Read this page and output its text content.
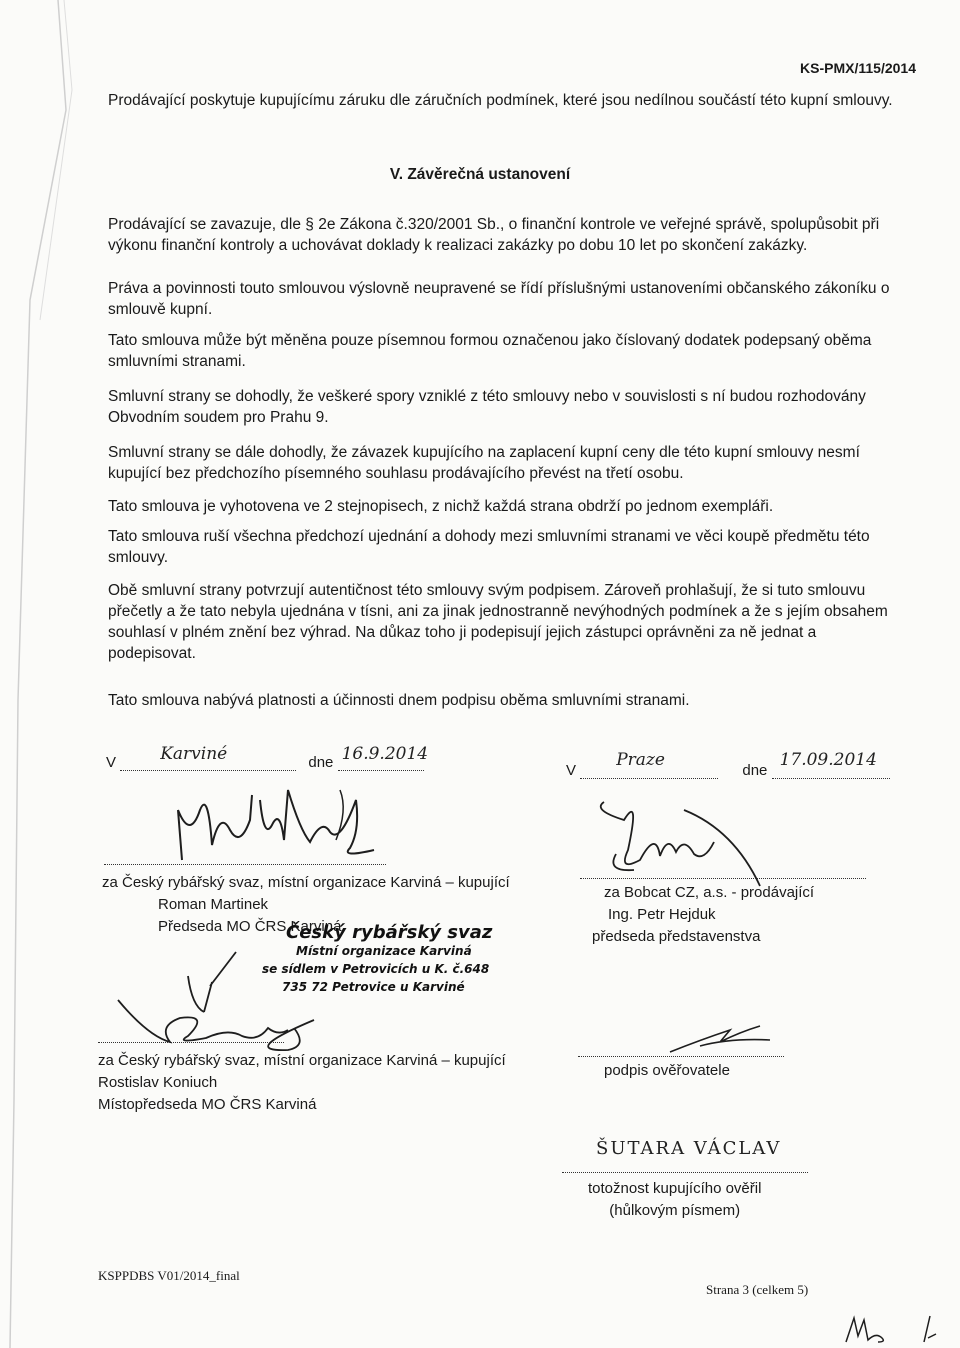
KS-PMX/115/2014
Prodávající poskytuje kupujícímu záruku dle záručních podmínek, které jsou nedílnou součástí této kupní smlouvy.
V. Závěrečná ustanovení
Prodávající se zavazuje, dle § 2e Zákona č.320/2001 Sb., o finanční kontrole ve veřejné správě, spolupůsobit při výkonu finanční kontroly a uchovávat doklady k realizaci zakázky po dobu 10 let po skončení zakázky.
Práva a povinnosti touto smlouvou výslovně neupravené se řídí příslušnými ustanoveními občanského zákoníku o smlouvě kupní.
Tato smlouva může být měněna pouze písemnou formou označenou jako číslovaný dodatek podepsaný oběma smluvními stranami.
Smluvní strany se dohodly, že veškeré spory vzniklé z této smlouvy nebo v souvislosti s ní budou rozhodovány Obvodním soudem pro Prahu 9.
Smluvní strany se dále dohodly, že závazek kupujícího na zaplacení kupní ceny dle této kupní smlouvy nesmí kupující bez předchozího písemného souhlasu prodávajícího převést na třetí osobu.
Tato smlouva je vyhotovena ve 2 stejnopisech, z nichž každá strana obdrží po jednom exempláři.
Tato smlouva ruší všechna předchozí ujednání a dohody mezi smluvními stranami ve věci koupě předmětu této smlouvy.
Obě smluvní strany potvrzují autentičnost této smlouvy svým podpisem. Zároveň prohlašují, že si tuto smlouvu přečetly a že tato nebyla ujednána v tísni, ani za jinak jednostranně nevýhodných podmínek a že s jejím obsahem souhlasí v plném znění bez výhrad. Na důkaz toho ji podepisují jejich zástupci oprávněni za ně jednat a podepisovat.
Tato smlouva nabývá platnosti a účinnosti dnem podpisu oběma smluvními stranami.
V	Karviné	dne 16.9.2014
V
Praze
dne
17.09.2014
za Český rybářský svaz, místní organizace Karviná – kupující
Roman Martinek
Předseda MO ČRS Karviná
Český rybářský svaz
Místní organizace Karviná
se sídlem v Petrovicích u K. č.648
735 72 Petrovice u Karviné
za Český rybářský svaz, místní organizace Karviná – kupující
Rostislav Koniuch
Místopředseda MO ČRS Karviná
za Bobcat CZ, a.s. - prodávající
Ing. Petr Hejduk
předseda představenstva
podpis ověřovatele
ŠUTARA VÁCLAV
totožnost kupujícího ověřil
(hůlkovým písmem)
KSPPDBS V01/2014_final
Strana 3 (celkem 5)
